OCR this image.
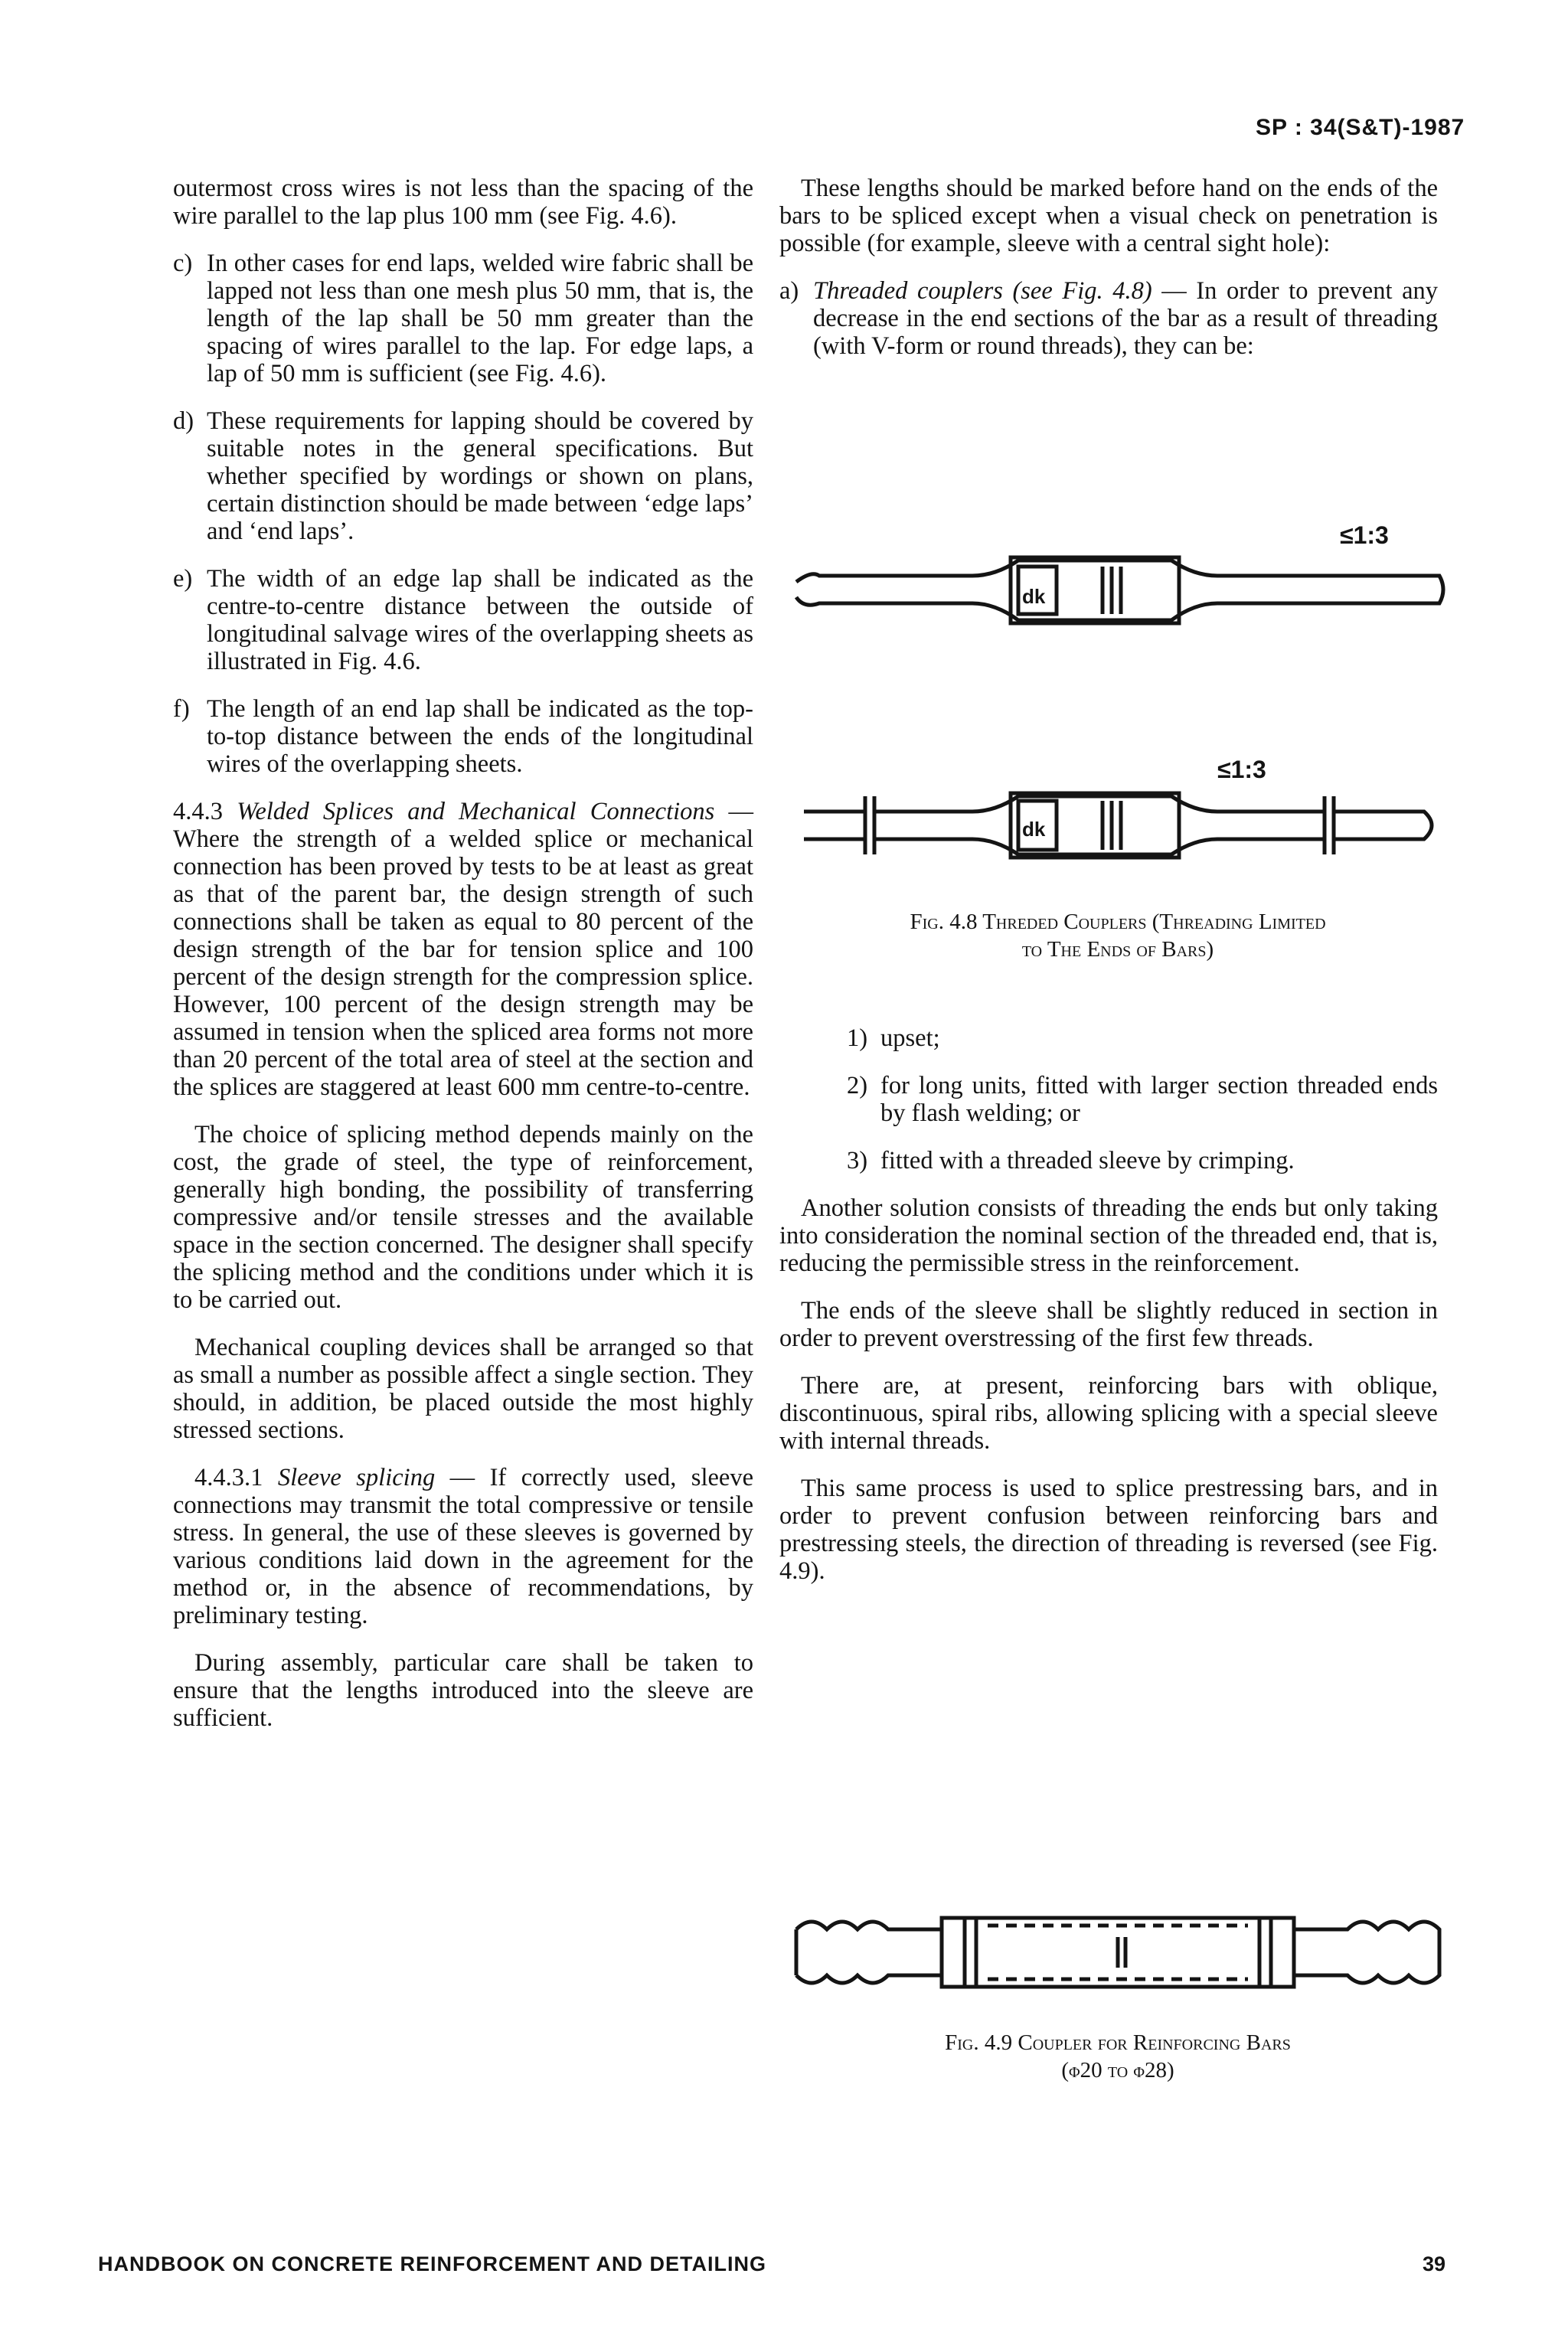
SP : 34(S&T)-1987

outermost cross wires is not less than the spacing of the wire parallel to the lap plus 100 mm (see Fig. 4.6).

c) In other cases for end laps, welded wire fabric shall be lapped not less than one mesh plus 50 mm, that is, the length of the lap shall be 50 mm greater than the spacing of wires parallel to the lap. For edge laps, a lap of 50 mm is sufficient (see Fig. 4.6).
d) These requirements for lapping should be covered by suitable notes in the general specifications. But whether specified by wordings or shown on plans, certain distinction should be made between ‘edge laps’ and ‘end laps’.
e) The width of an edge lap shall be indicated as the centre-to-centre distance between the outside of longitudinal salvage wires of the overlapping sheets as illustrated in Fig. 4.6.
f) The length of an end lap shall be indicated as the top-to-top distance between the ends of the longitudinal wires of the overlapping sheets.

4.4.3 Welded Splices and Mechanical Connections — Where the strength of a welded splice or mechanical connection has been proved by tests to be at least as great as that of the parent bar, the design strength of such connections shall be taken as equal to 80 percent of the design strength of the bar for tension splice and 100 percent of the design strength for the compression splice. However, 100 percent of the design strength may be assumed in tension when the spliced area forms not more than 20 percent of the total area of steel at the section and the splices are staggered at least 600 mm centre-to-centre.

The choice of splicing method depends mainly on the cost, the grade of steel, the type of reinforcement, generally high bonding, the possibility of transferring compressive and/or tensile stresses and the available space in the section concerned. The designer shall specify the splicing method and the conditions under which it is to be carried out.

Mechanical coupling devices shall be arranged so that as small a number as possible affect a single section. They should, in addition, be placed outside the most highly stressed sections.

4.4.3.1 Sleeve splicing — If correctly used, sleeve connections may transmit the total compressive or tensile stress. In general, the use of these sleeves is governed by various conditions laid down in the agreement for the method or, in the absence of recommendations, by preliminary testing.

During assembly, particular care shall be taken to ensure that the lengths introduced into the sleeve are sufficient.

These lengths should be marked before hand on the ends of the bars to be spliced except when a visual check on penetration is possible (for example, sleeve with a central sight hole):

a) Threaded couplers (see Fig. 4.8) — In order to prevent any decrease in the end sections of the bar as a result of threading (with V-form or round threads), they can be:
dk
≤1:3
dk
≤1:3
Fig. 4.8 Threded Couplers (Threading Limited
to The Ends of Bars)
1) upset;
2) for long units, fitted with larger section threaded ends by flash welding; or
3) fitted with a threaded sleeve by crimping.

Another solution consists of threading the ends but only taking into consideration the nominal section of the threaded end, that is, reducing the permissible stress in the reinforcement.

The ends of the sleeve shall be slightly reduced in section in order to prevent overstressing of the first few threads.

There are, at present, reinforcing bars with oblique, discontinuous, spiral ribs, allowing splicing with a special sleeve with internal threads.

This same process is used to splice prestressing bars, and in order to prevent confusion between reinforcing bars and prestressing steels, the direction of threading is reversed (see Fig. 4.9).

Fig. 4.9 Coupler for Reinforcing Bars
(ϕ20 to ϕ28)
HANDBOOK ON CONCRETE REINFORCEMENT AND DETAILING	39
